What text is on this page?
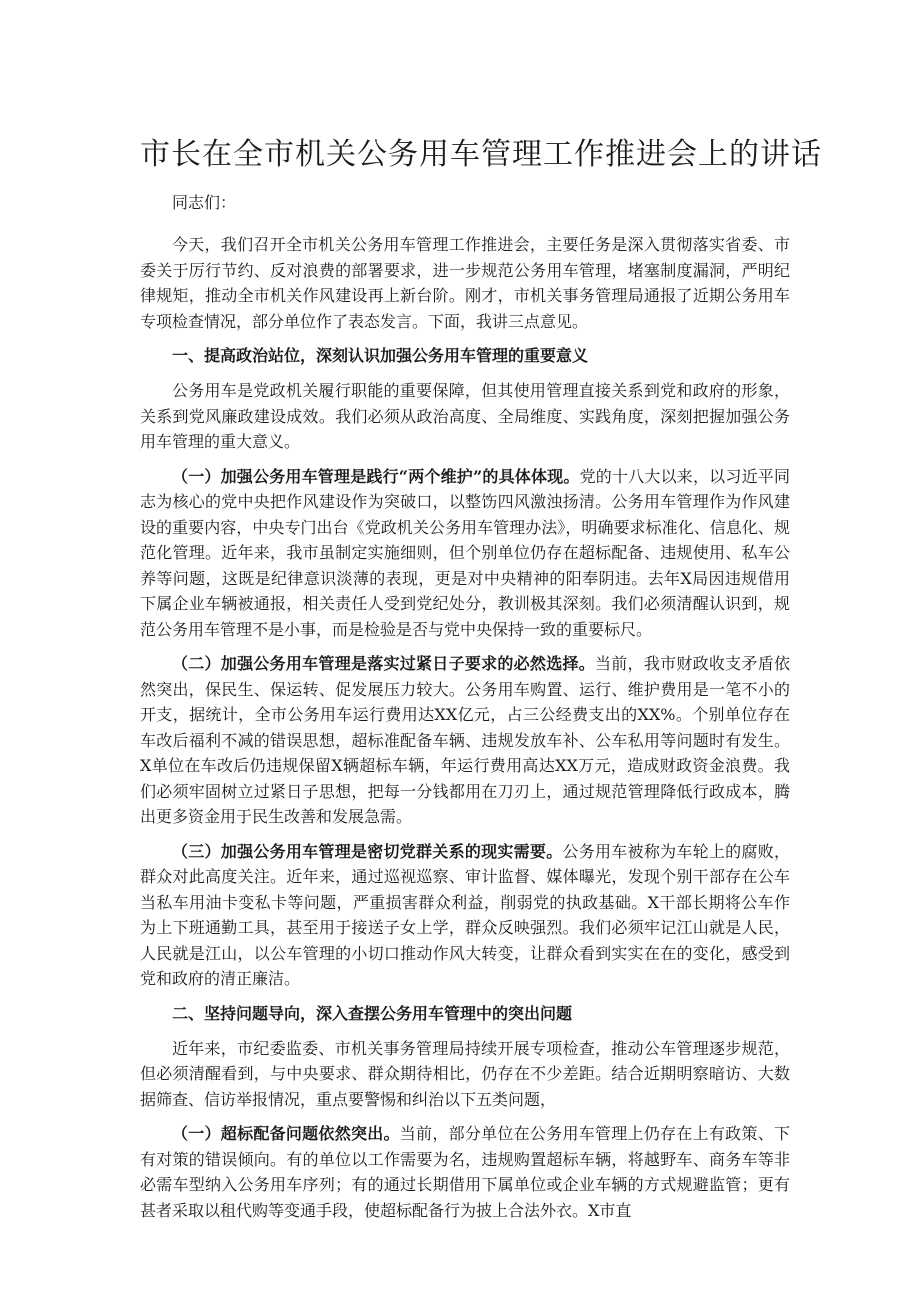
市长在全市机关公务用车管理工作推进会上的讲话
同志们：

今天，我们召开全市机关公务用车管理工作推进会，主要任务是深入贯彻落实省委、市委关于厉行节约、反对浪费的部署要求，进一步规范公务用车管理，堵塞制度漏洞，严明纪律规矩，推动全市机关作风建设再上新台阶。刚才，市机关事务管理局通报了近期公务用车专项检查情况，部分单位作了表态发言。下面，我讲三点意见。

一、提高政治站位，深刻认识加强公务用车管理的重要意义

公务用车是党政机关履行职能的重要保障，但其使用管理直接关系到党和政府的形象，关系到党风廉政建设成效。我们必须从政治高度、全局维度、实践角度，深刻把握加强公务用车管理的重大意义。

（一）加强公务用车管理是践行“两个维护”的具体体现。党的十八大以来，以习近平同志为核心的党中央把作风建设作为突破口，以整饬四风激浊扬清。公务用车管理作为作风建设的重要内容，中央专门出台《党政机关公务用车管理办法》，明确要求标准化、信息化、规范化管理。近年来，我市虽制定实施细则，但个别单位仍存在超标配备、违规使用、私车公养等问题，这既是纪律意识淡薄的表现，更是对中央精神的阳奉阴违。去年X局因违规借用下属企业车辆被通报，相关责任人受到党纪处分，教训极其深刻。我们必须清醒认识到，规范公务用车管理不是小事，而是检验是否与党中央保持一致的重要标尺。

（二）加强公务用车管理是落实过紧日子要求的必然选择。当前，我市财政收支矛盾依然突出，保民生、保运转、促发展压力较大。公务用车购置、运行、维护费用是一笔不小的开支，据统计，全市公务用车运行费用达XX亿元，占三公经费支出的XX%。个别单位存在车改后福利不减的错误思想，超标准配备车辆、违规发放车补、公车私用等问题时有发生。X单位在车改后仍违规保留X辆超标车辆，年运行费用高达XX万元，造成财政资金浪费。我们必须牢固树立过紧日子思想，把每一分钱都用在刀刃上，通过规范管理降低行政成本，腾出更多资金用于民生改善和发展急需。

（三）加强公务用车管理是密切党群关系的现实需要。公务用车被称为车轮上的腐败，群众对此高度关注。近年来，通过巡视巡察、审计监督、媒体曝光，发现个别干部存在公车当私车用油卡变私卡等问题，严重损害群众利益，削弱党的执政基础。X干部长期将公车作为上下班通勤工具，甚至用于接送子女上学，群众反映强烈。我们必须牢记江山就是人民，人民就是江山，以公车管理的小切口推动作风大转变，让群众看到实实在在的变化，感受到党和政府的清正廉洁。

二、坚持问题导向，深入查摆公务用车管理中的突出问题

近年来，市纪委监委、市机关事务管理局持续开展专项检查，推动公车管理逐步规范，但必须清醒看到，与中央要求、群众期待相比，仍存在不少差距。结合近期明察暗访、大数据筛查、信访举报情况，重点要警惕和纠治以下五类问题，

（一）超标配备问题依然突出。当前，部分单位在公务用车管理上仍存在上有政策、下有对策的错误倾向。有的单位以工作需要为名，违规购置超标车辆，将越野车、商务车等非必需车型纳入公务用车序列；有的通过长期借用下属单位或企业车辆的方式规避监管；更有甚者采取以租代购等变通手段，使超标配备行为披上合法外衣。X市直
